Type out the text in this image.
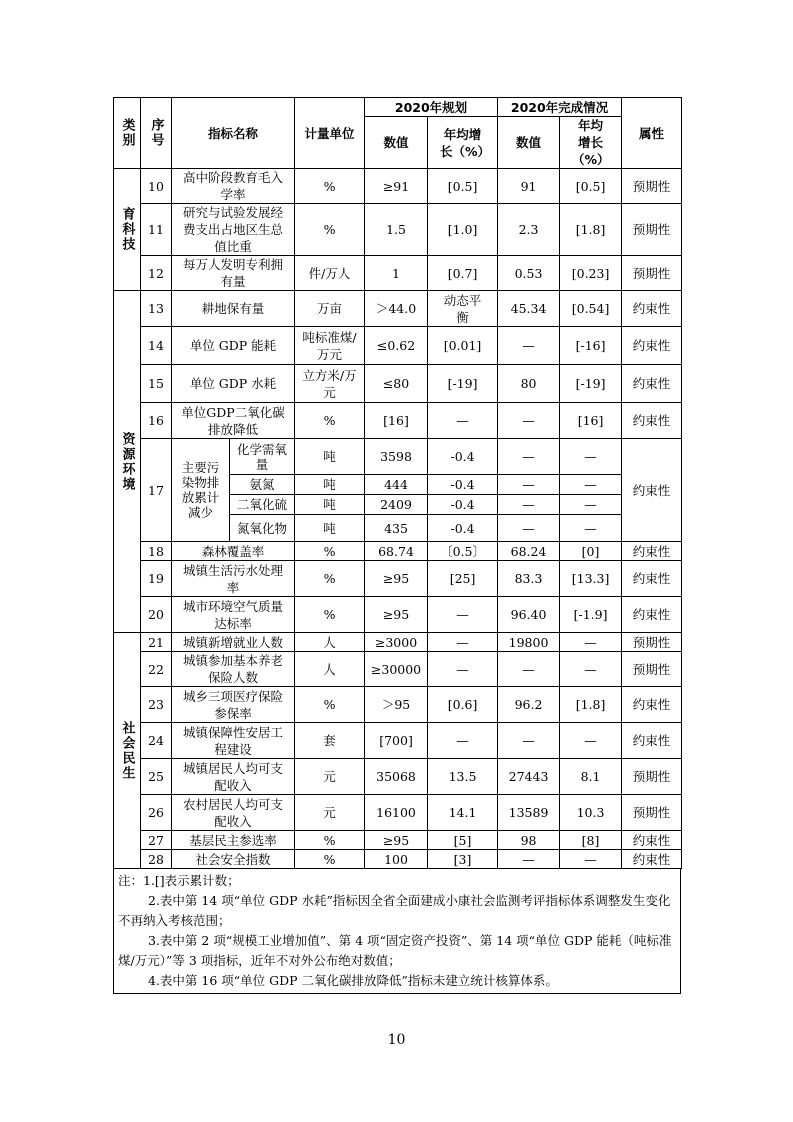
类别	序号	指标名称		计量单位	2020年规划		2020年完成情况		属性
					数值	年均增长（%）	数值	年均增长（%）	

育科技	10	高中阶段教育毛入学率		%	≥91	[0.5]	91	[0.5]	预期性
	11	研究与试验发展经费支出占地区生总值比重		%	1.5	[1.0]	2.3	[1.8]	预期性
	12	每万人发明专利拥有量		件/万人	1	[0.7]	0.53	[0.23]	预期性

资源环境	13	耕地保有量		万亩	＞44.0	动态平衡	45.34	[0.54]	约束性
	14	单位 GDP 能耗		吨标准煤/万元	≤0.62	[0.01]	—	[-16]	约束性
	15	单位 GDP 水耗		立方米/万元	≤80	[-19]	80	[-19]	约束性
	16	单位GDP二氧化碳排放降低		%	[16]	—	—	[16]	约束性
	17	主要污染物排放累计减少	化学需氧量	吨	3598	-0.4	—	—	约束性
			氨氮	吨	444	-0.4	—	—	
			二氧化硫	吨	2409	-0.4	—	—	
			氮氧化物	吨	435	-0.4	—	—	
	18	森林覆盖率		%	68.74	〔0.5〕	68.24	[0]	约束性
	19	城镇生活污水处理率		%	≥95	[25]	83.3	[13.3]	约束性
	20	城市环境空气质量达标率		%	≥95	—	96.40	[-1.9]	约束性

社会民生	21	城镇新增就业人数		人	≥3000	—	19800	—	预期性
	22	城镇参加基本养老保险人数		人	≥30000	—	—	—	预期性
	23	城乡三项医疗保险参保率		%	＞95	[0.6]	96.2	[1.8]	约束性
	24	城镇保障性安居工程建设		套	[700]	—	—	—	约束性
	25	城镇居民人均可支配收入		元	35068	13.5	27443	8.1	预期性
	26	农村居民人均可支配收入		元	16100	14.1	13589	10.3	预期性
	27	基层民主参选率		%	≥95	[5]	98	[8]	约束性
	28	社会安全指数		%	100	[3]	—	—	约束性

注：1.[]表示累计数；

2.表中第 14 项“单位 GDP 水耗”指标因全省全面建成小康社会监测考评指标体系调整发生变化不再纳入考核范围；

3.表中第 2 项“规模工业增加值”、第 4 项“固定资产投资”、第 14 项“单位 GDP 能耗（吨标准煤/万元）”等 3 项指标，近年不对外公布绝对数值；

4.表中第 16 项“单位 GDP 二氧化碳排放降低”指标未建立统计核算体系。

10
